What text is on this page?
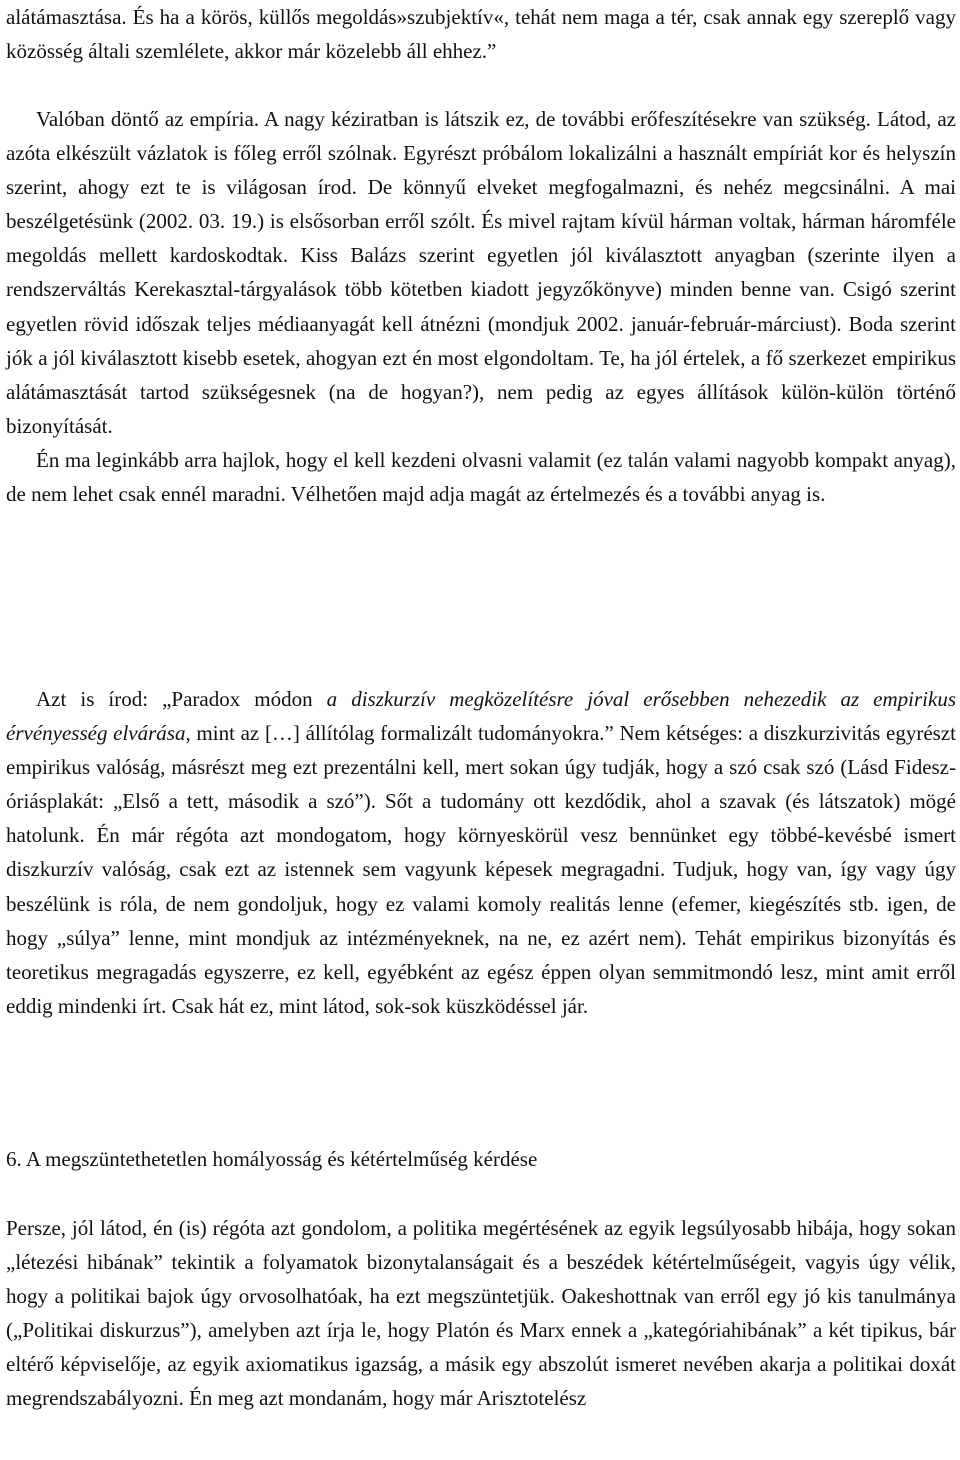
alátámasztása. És ha a körös, küllős megoldás»szubjektív«, tehát nem maga a tér, csak annak egy szereplő vagy közösség általi szemlélete, akkor már közelebb áll ehhez.”

Valóban döntő az empíria. A nagy kéziratban is látszik ez, de további erőfeszítésekre van szükség. Látod, az azóta elkészült vázlatok is főleg erről szólnak. Egyrészt próbálom lokalizálni a használt empíriát kor és helyszín szerint, ahogy ezt te is világosan írod. De könnyű elveket megfogalmazni, és nehéz megcsinálni. A mai beszélgetésünk (2002. 03. 19.) is elsősorban erről szólt. És mivel rajtam kívül hárman voltak, hárman háromféle megoldás mellett kardoskodtak. Kiss Balázs szerint egyetlen jól kiválasztott anyagban (szerinte ilyen a rendszerváltás Kerekasztal-tárgyalások több kötetben kiadott jegyzőkönyve) minden benne van. Csigó szerint egyetlen rövid időszak teljes médiaanyagát kell átnézni (mondjuk 2002. január-február-márciust). Boda szerint jók a jól kiválasztott kisebb esetek, ahogyan ezt én most elgondoltam. Te, ha jól értelek, a fő szerkezet empirikus alátámasztását tartod szükségesnek (na de hogyan?), nem pedig az egyes állítások külön-külön történő bizonyítását.

Én ma leginkább arra hajlok, hogy el kell kezdeni olvasni valamit (ez talán valami nagyobb kompakt anyag), de nem lehet csak ennél maradni. Vélhetően majd adja magát az értelmezés és a további anyag is.

Azt is írod: „Paradox módon a diszkurzív megközelítésre jóval erősebben nehezedik az empirikus érvényesség elvárása, mint az […] állítólag formalizált tudományokra.” Nem kétséges: a diszkurzivitás egyrészt empirikus valóság, másrészt meg ezt prezentálni kell, mert sokan úgy tudják, hogy a szó csak szó (Lásd Fidesz-óriásplakát: „Első a tett, második a szó”). Sőt a tudomány ott kezdődik, ahol a szavak (és látszatok) mögé hatolunk. Én már régóta azt mondogatom, hogy környeskörül vesz bennünket egy többé-kevésbé ismert diszkurzív valóság, csak ezt az istennek sem vagyunk képesek megragadni. Tudjuk, hogy van, így vagy úgy beszélünk is róla, de nem gondoljuk, hogy ez valami komoly realitás lenne (efemer, kiegészítés stb. igen, de hogy „súlya” lenne, mint mondjuk az intézményeknek, na ne, ez azért nem). Tehát empirikus bizonyítás és teoretikus megragadás egyszerre, ez kell, egyébként az egész éppen olyan semmitmondó lesz, mint amit erről eddig mindenki írt. Csak hát ez, mint látod, sok-sok küszködéssel jár.

6. A megszüntethetetlen homályosság és kétértelműség kérdése

Persze, jól látod, én (is) régóta azt gondolom, a politika megértésének az egyik legsúlyosabb hibája, hogy sokan „létezési hibának” tekintik a folyamatok bizonytalanságait és a beszédek kétértelműségeit, vagyis úgy vélik, hogy a politikai bajok úgy orvosolhatóak, ha ezt megszüntetjük. Oakeshottnak van erről egy jó kis tanulmánya („Politikai diskurzus”), amelyben azt írja le, hogy Platón és Marx ennek a „kategóriahibának” a két tipikus, bár eltérő képviselője, az egyik axiomatikus igazság, a másik egy abszolút ismeret nevében akarja a politikai doxát megrendszabályozni. Én meg azt mondanám, hogy már Arisztotelész
